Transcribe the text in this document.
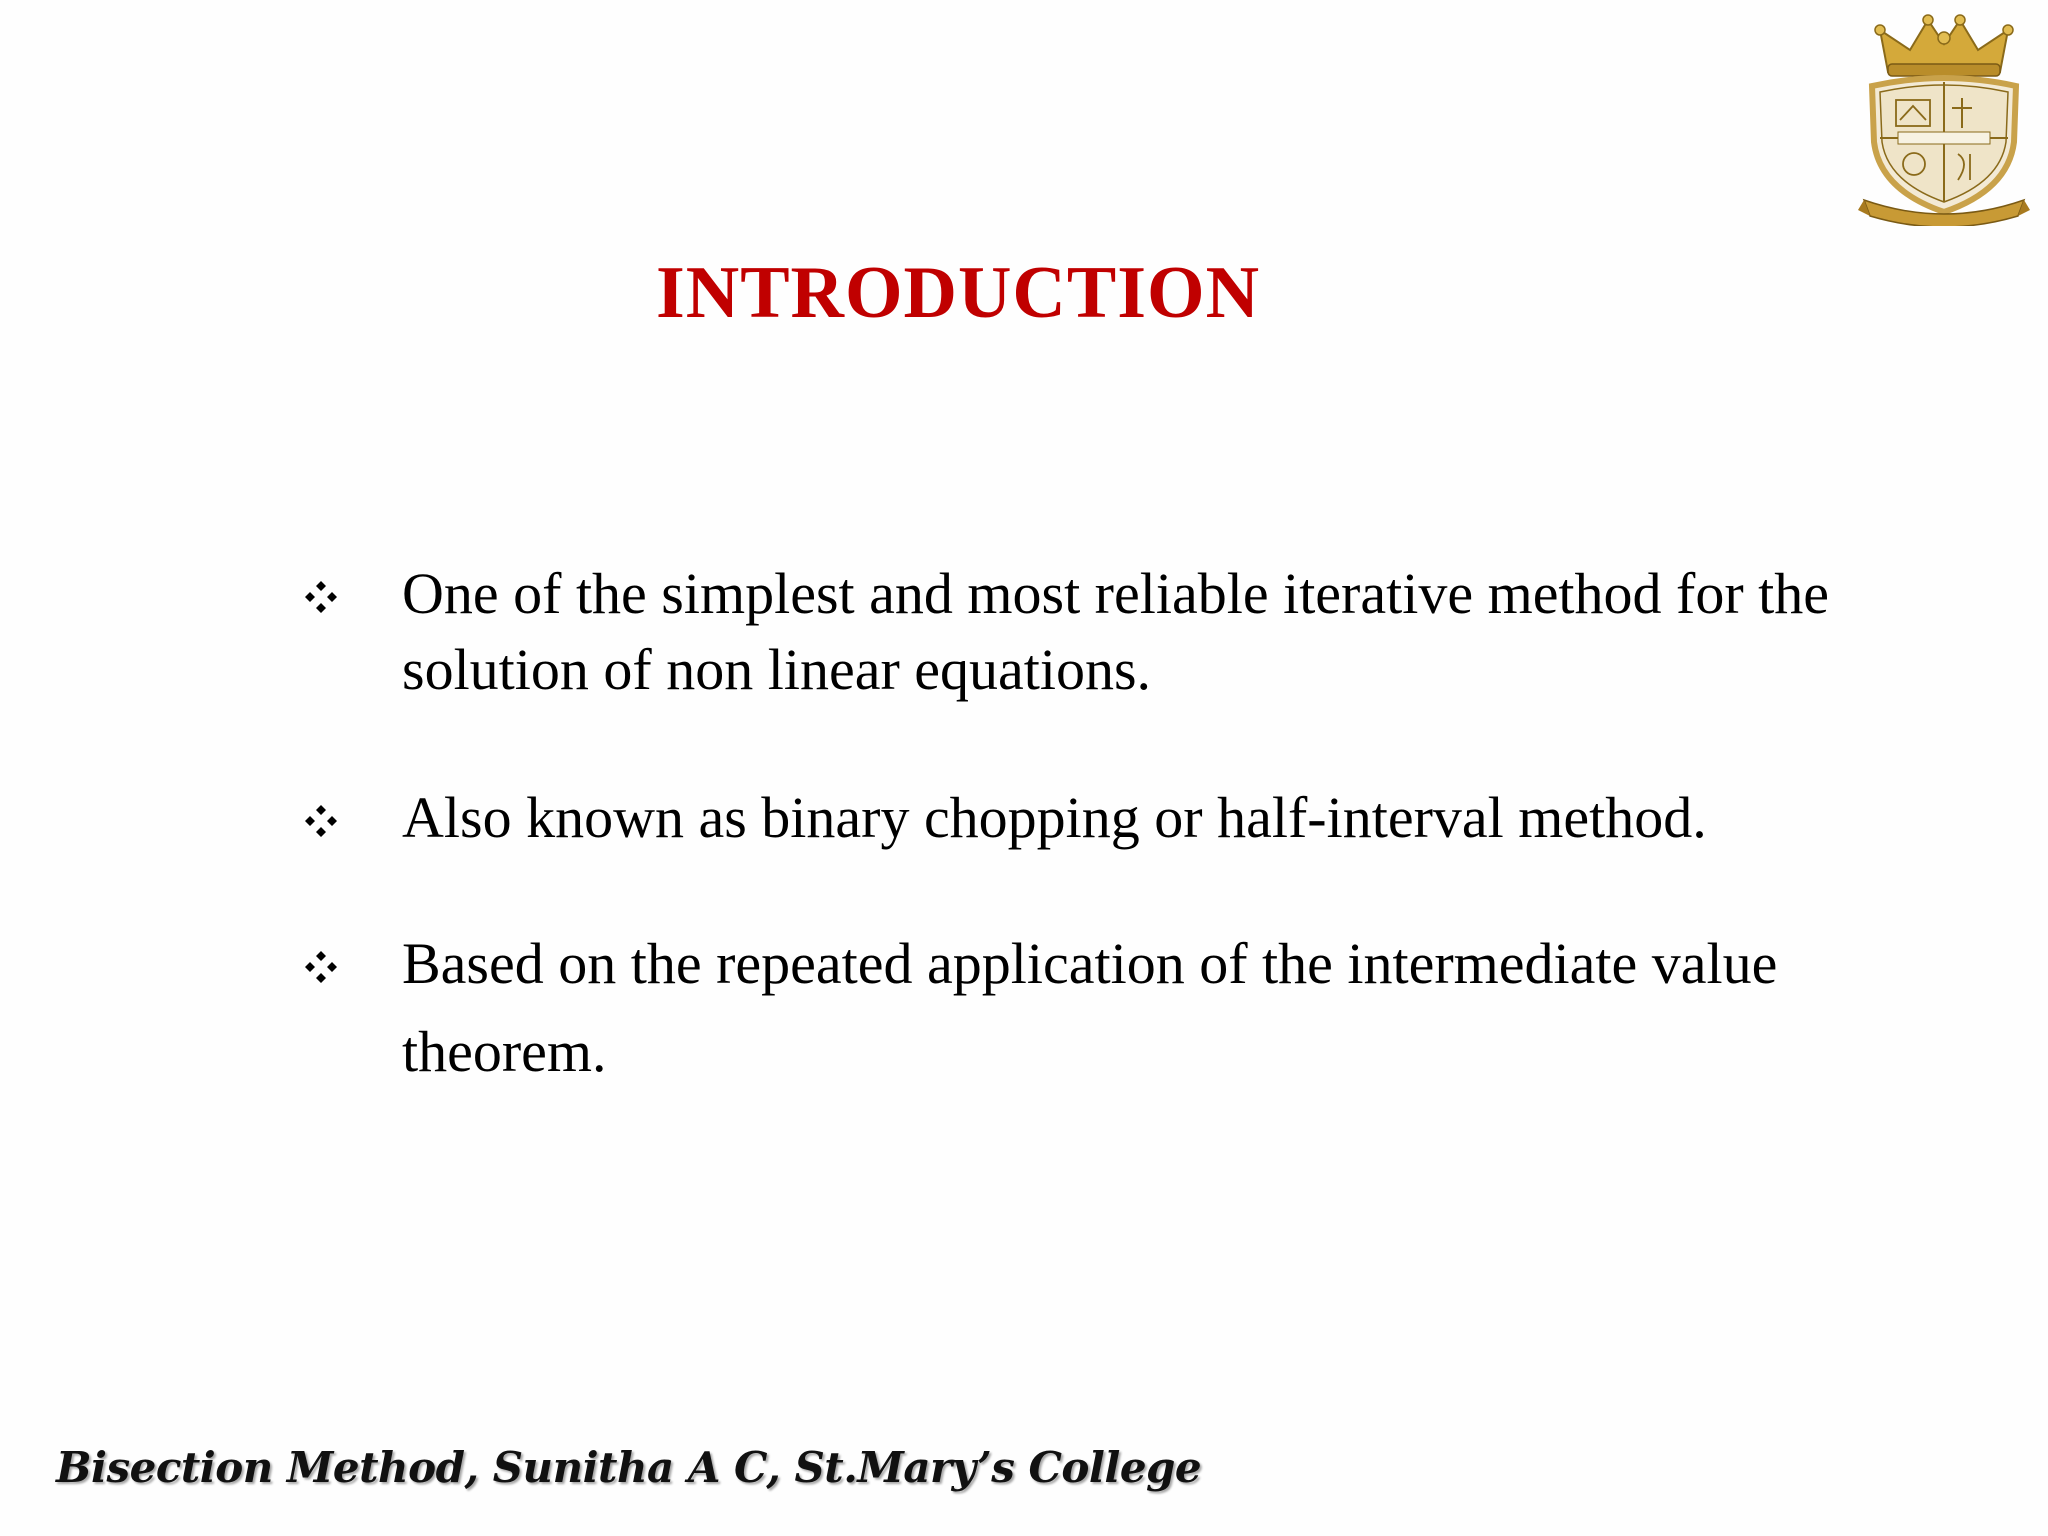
INTRODUCTION
One of the simplest and most reliable iterative method for the solution of non linear equations.
Also known as binary chopping or half-interval method.
Based on the repeated application of the intermediate value theorem.
Bisection Method, Sunitha A C, St.Mary’s College
